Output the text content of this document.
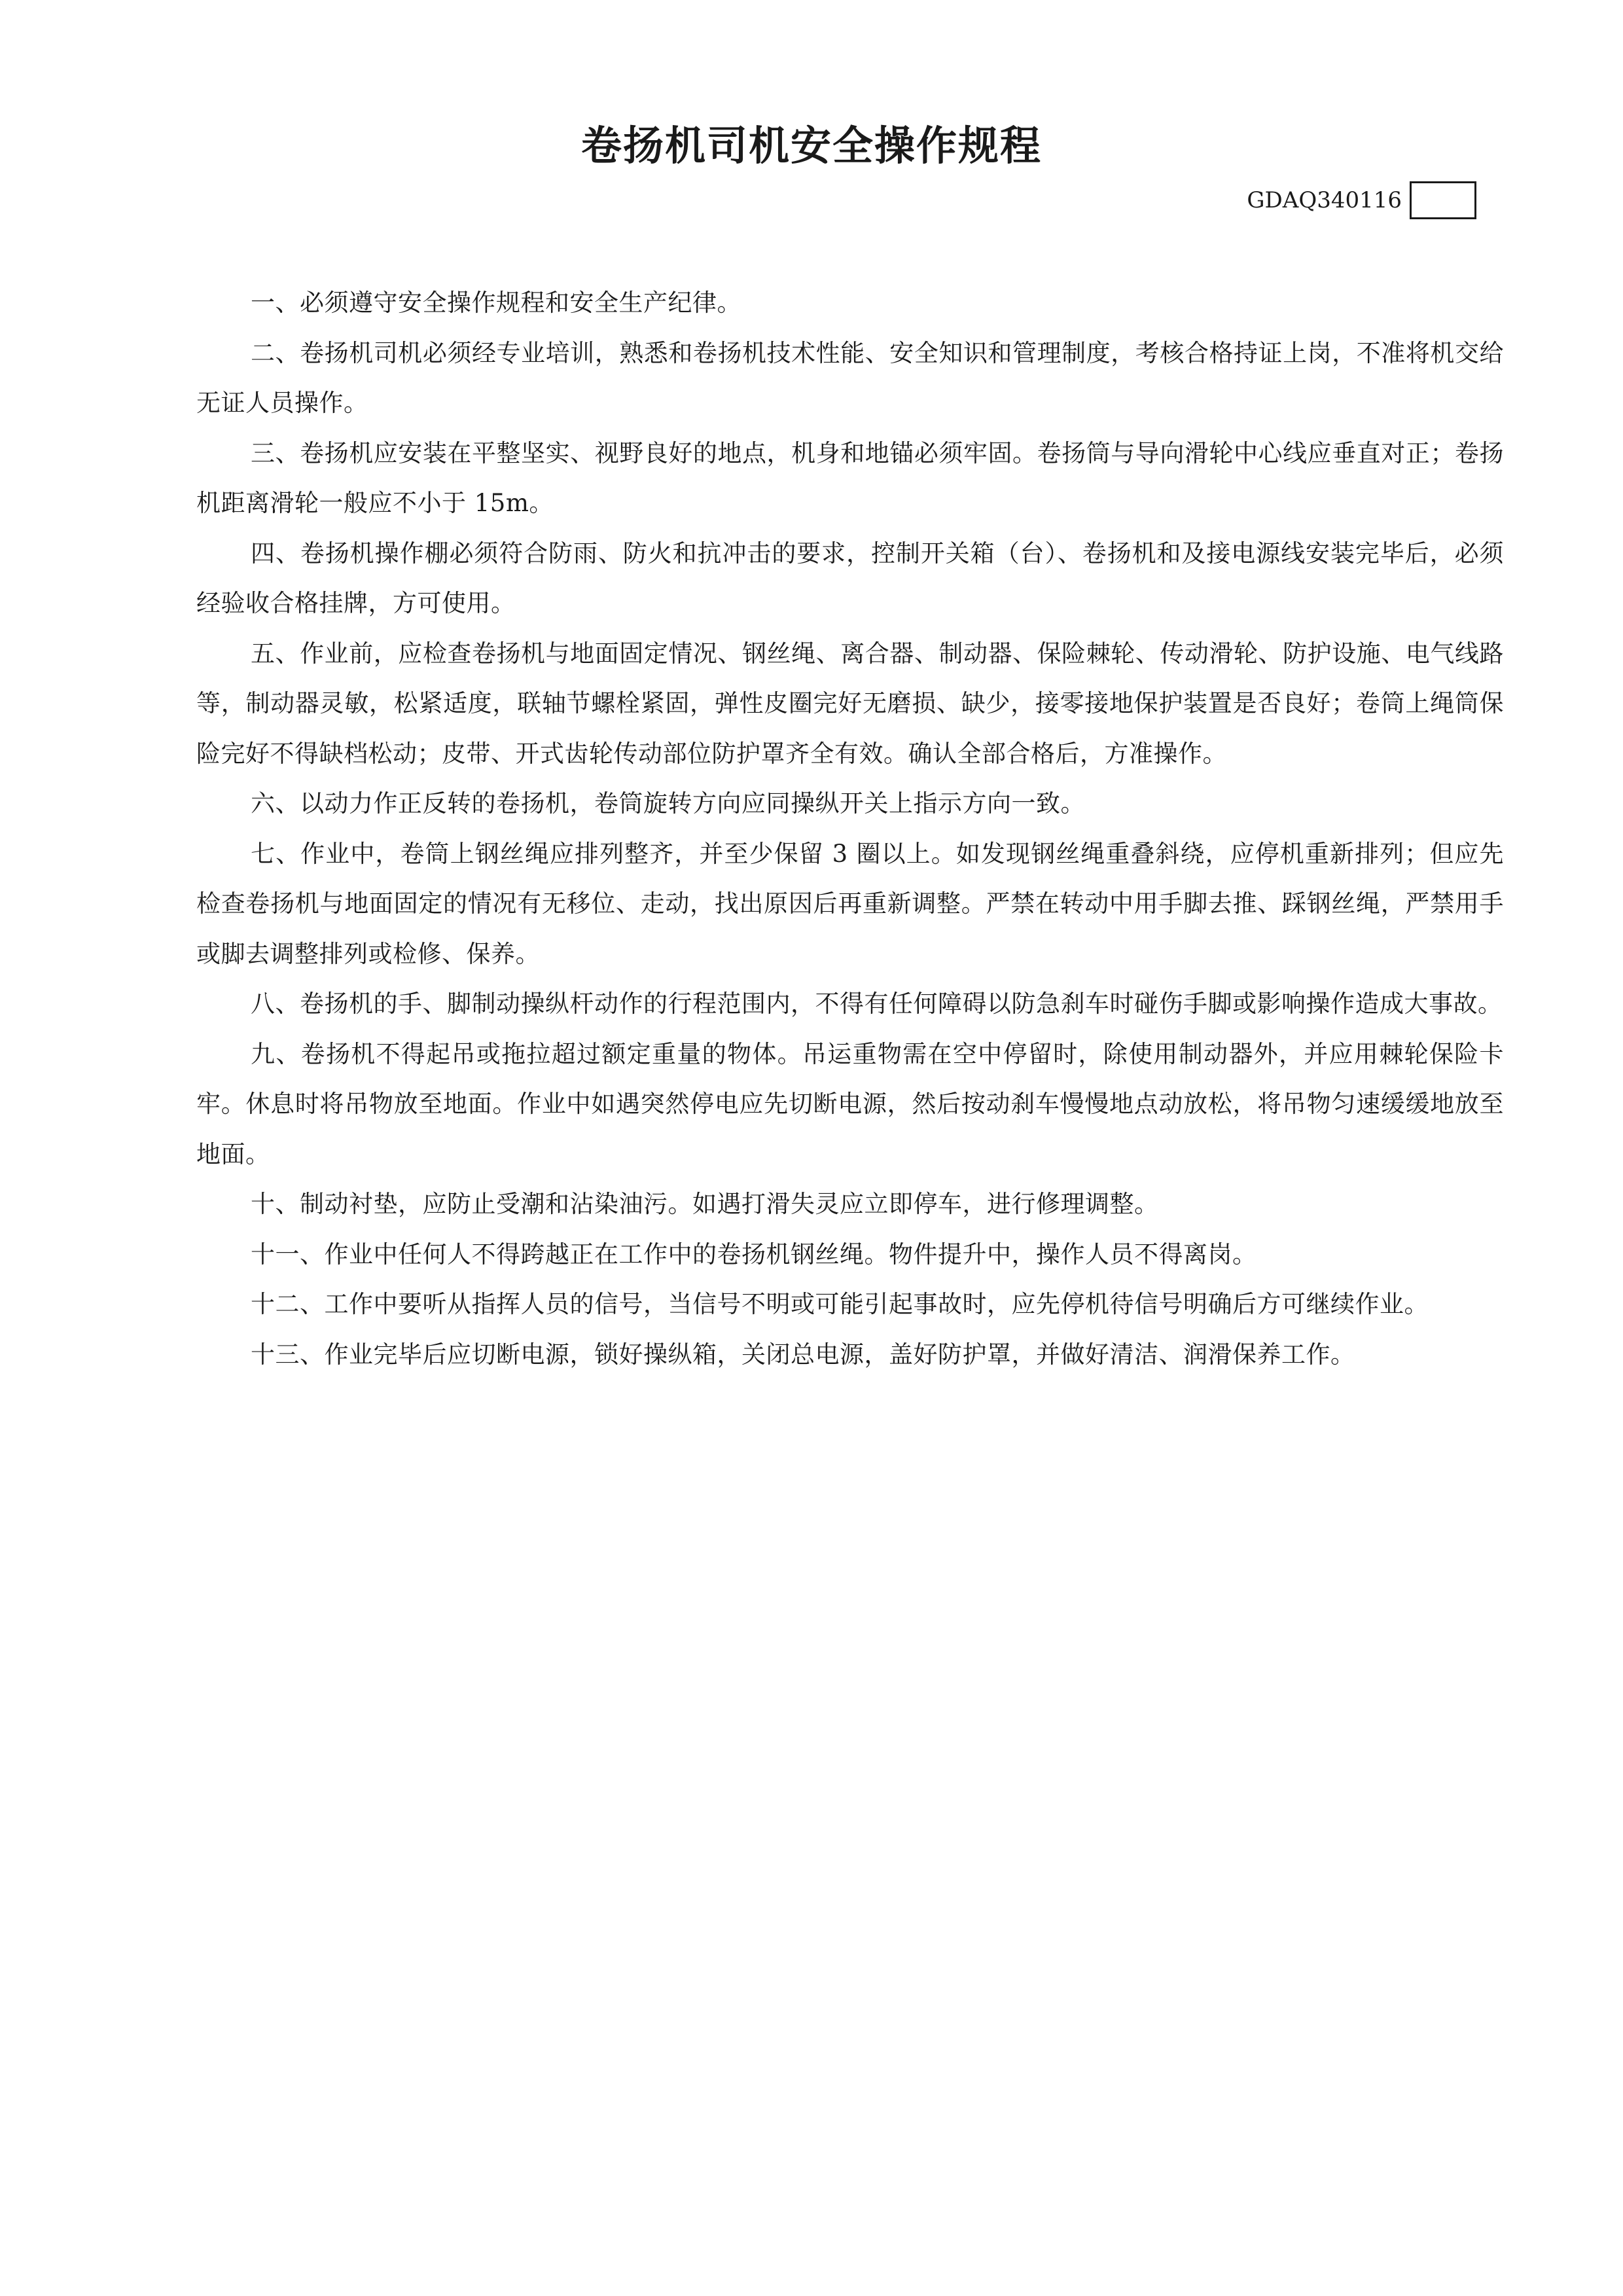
卷扬机司机安全操作规程
GDAQ340116

一、必须遵守安全操作规程和安全生产纪律。

二、卷扬机司机必须经专业培训，熟悉和卷扬机技术性能、安全知识和管理制度，考核合格持证上岗，不准将机交给无证人员操作。

三、卷扬机应安装在平整坚实、视野良好的地点，机身和地锚必须牢固。卷扬筒与导向滑轮中心线应垂直对正；卷扬机距离滑轮一般应不小于 15m。

四、卷扬机操作棚必须符合防雨、防火和抗冲击的要求，控制开关箱（台）、卷扬机和及接电源线安装完毕后，必须经验收合格挂牌，方可使用。

五、作业前，应检查卷扬机与地面固定情况、钢丝绳、离合器、制动器、保险棘轮、传动滑轮、防护设施、电气线路等，制动器灵敏，松紧适度，联轴节螺栓紧固，弹性皮圈完好无磨损、缺少，接零接地保护装置是否良好；卷筒上绳筒保险完好不得缺档松动；皮带、开式齿轮传动部位防护罩齐全有效。确认全部合格后，方准操作。

六、以动力作正反转的卷扬机，卷筒旋转方向应同操纵开关上指示方向一致。

七、作业中，卷筒上钢丝绳应排列整齐，并至少保留 3 圈以上。如发现钢丝绳重叠斜绕，应停机重新排列；但应先检查卷扬机与地面固定的情况有无移位、走动，找出原因后再重新调整。严禁在转动中用手脚去推、踩钢丝绳，严禁用手或脚去调整排列或检修、保养。

八、卷扬机的手、脚制动操纵杆动作的行程范围内，不得有任何障碍以防急刹车时碰伤手脚或影响操作造成大事故。

九、卷扬机不得起吊或拖拉超过额定重量的物体。吊运重物需在空中停留时，除使用制动器外，并应用棘轮保险卡牢。休息时将吊物放至地面。作业中如遇突然停电应先切断电源，然后按动刹车慢慢地点动放松，将吊物匀速缓缓地放至地面。

十、制动衬垫，应防止受潮和沾染油污。如遇打滑失灵应立即停车，进行修理调整。

十一、作业中任何人不得跨越正在工作中的卷扬机钢丝绳。物件提升中，操作人员不得离岗。

十二、工作中要听从指挥人员的信号，当信号不明或可能引起事故时，应先停机待信号明确后方可继续作业。

十三、作业完毕后应切断电源，锁好操纵箱，关闭总电源，盖好防护罩，并做好清洁、润滑保养工作。
